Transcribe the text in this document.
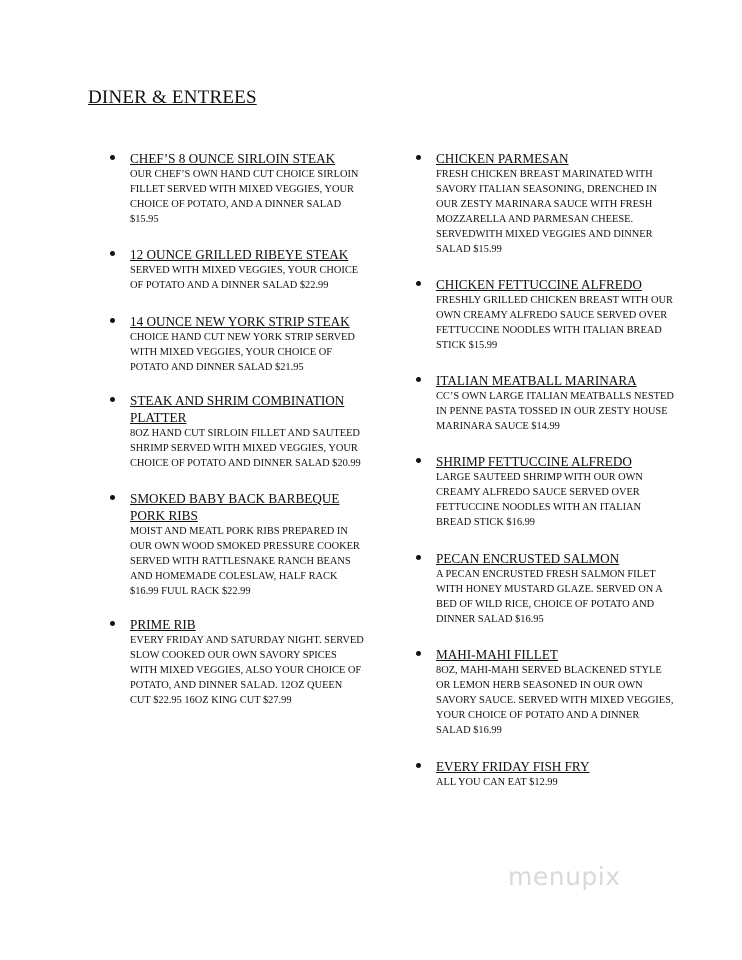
DINER & ENTREES
CHEF’S 8 OUNCE SIRLOIN STEAK
OUR CHEF’S OWN HAND CUT CHOICE SIRLOIN FILLET SERVED WITH MIXED VEGGIES, YOUR CHOICE OF POTATO, AND A DINNER SALAD $15.95
12 OUNCE GRILLED RIBEYE STEAK
SERVED WITH MIXED VEGGIES, YOUR CHOICE OF POTATO AND A DINNER SALAD $22.99
14 OUNCE NEW YORK STRIP STEAK
CHOICE HAND CUT NEW YORK STRIP SERVED WITH MIXED VEGGIES, YOUR CHOICE OF POTATO AND DINNER SALAD $21.95
STEAK AND SHRIM COMBINATION PLATTER
8OZ HAND CUT SIRLOIN FILLET AND SAUTEED SHRIMP SERVED WITH MIXED VEGGIES, YOUR CHOICE OF POTATO AND DINNER SALAD $20.99
SMOKED BABY BACK BARBEQUE PORK RIBS
MOIST AND MEATL PORK RIBS PREPARED IN OUR OWN WOOD SMOKED PRESSURE COOKER SERVED WITH RATTLESNAKE RANCH BEANS AND HOMEMADE COLESLAW, HALF RACK $16.99 FUUL RACK $22.99
PRIME RIB
EVERY FRIDAY AND SATURDAY NIGHT. SERVED SLOW COOKED OUR OWN SAVORY SPICES WITH MIXED VEGGIES, ALSO YOUR CHOICE OF POTATO, AND DINNER SALAD. 12OZ QUEEN CUT $22.95 16OZ KING CUT $27.99
CHICKEN PARMESAN
FRESH CHICKEN BREAST MARINATED WITH SAVORY ITALIAN SEASONING, DRENCHED IN OUR ZESTY MARINARA SAUCE WITH FRESH MOZZARELLA AND PARMESAN CHEESE. SERVEDWITH MIXED VEGGIES AND DINNER SALAD $15.99
CHICKEN FETTUCCINE ALFREDO
FRESHLY GRILLED CHICKEN BREAST WITH OUR OWN CREAMY ALFREDO SAUCE SERVED OVER FETTUCCINE NOODLES WITH ITALIAN BREAD STICK $15.99
ITALIAN MEATBALL MARINARA
CC’S OWN LARGE ITALIAN MEATBALLS NESTED IN PENNE PASTA TOSSED IN OUR ZESTY HOUSE MARINARA SAUCE $14.99
SHRIMP FETTUCCINE ALFREDO
LARGE SAUTEED SHRIMP WITH OUR OWN CREAMY ALFREDO SAUCE SERVED OVER FETTUCCINE NOODLES WITH AN ITALIAN BREAD STICK $16.99
PECAN ENCRUSTED SALMON
A PECAN ENCRUSTED FRESH SALMON FILET WITH HONEY MUSTARD GLAZE. SERVED ON A BED OF WILD RICE, CHOICE OF POTATO AND DINNER SALAD $16.95
MAHI-MAHI FILLET
8OZ, MAHI-MAHI SERVED BLACKENED STYLE OR LEMON HERB SEASONED IN OUR OWN SAVORY SAUCE. SERVED WITH MIXED VEGGIES, YOUR CHOICE OF POTATO AND A DINNER SALAD $16.99
EVERY FRIDAY FISH FRY
ALL YOU CAN EAT $12.99
menupix
